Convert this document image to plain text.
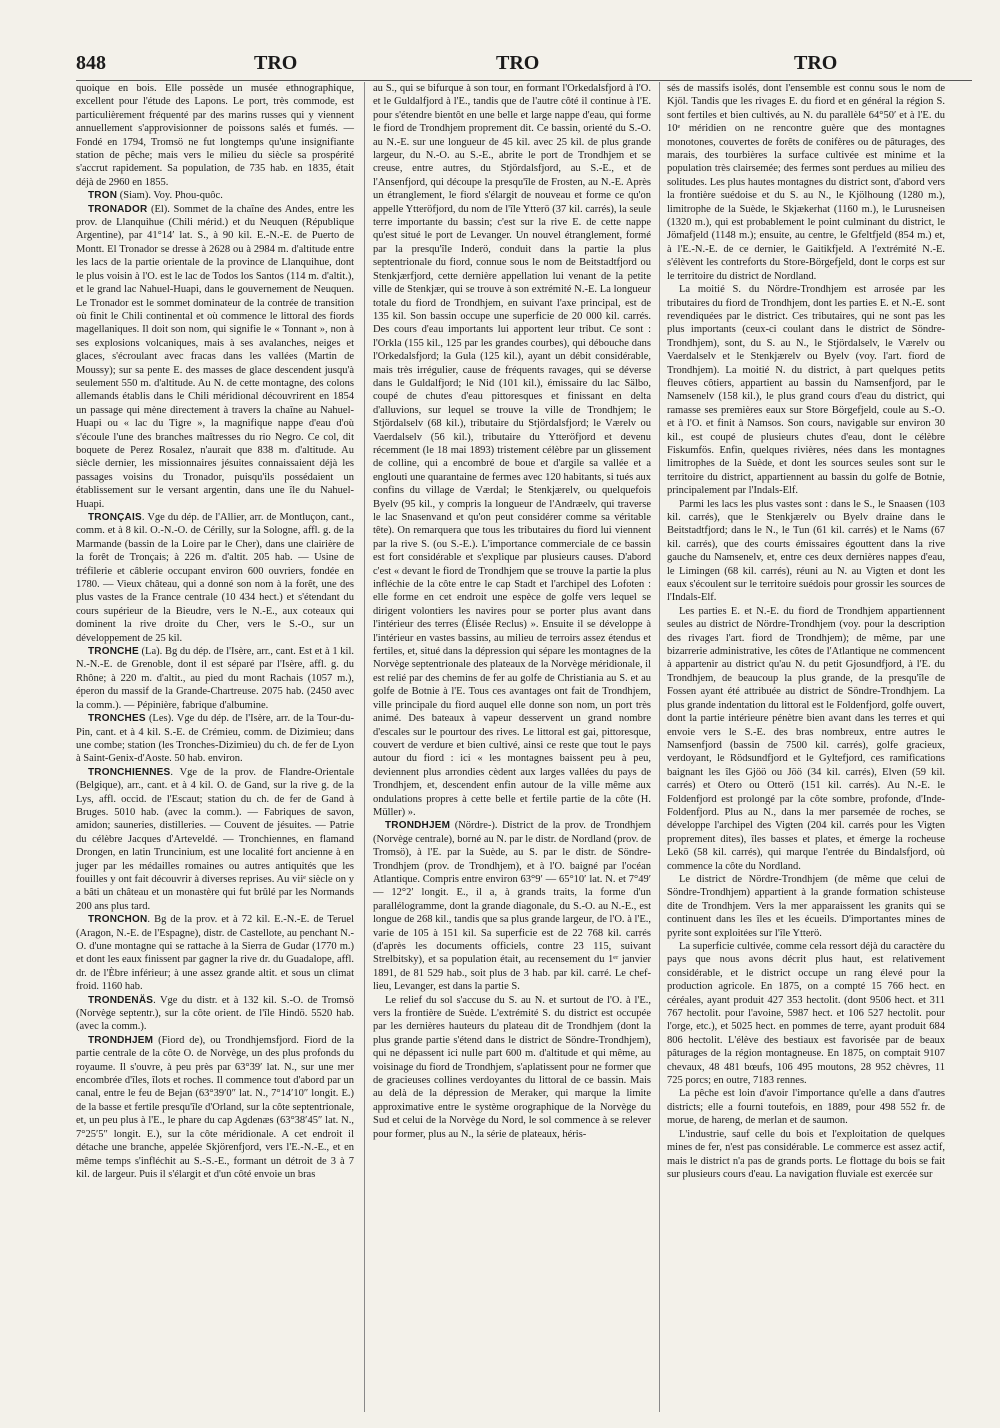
848	TRO	TRO	TRO

quoique en bois. Elle possède un musée ethnographique, excellent pour l'étude des Lapons. Le port, très commode, est particulièrement fréquenté par des marins russes qui y viennent annuellement s'approvisionner de poissons salés et fumés. — Fondé en 1794, Tromsö ne fut longtemps qu'une insignifiante station de pêche; mais vers le milieu du siècle sa prospérité s'accrut rapidement. Sa population, de 735 hab. en 1835, était déjà de 2960 en 1855.

TRON (Siam). Voy. Phou-quôc.

TRONADOR (El). Sommet de la chaîne des Andes, entre les prov. de Llanquihue (Chili mérid.) et du Neuquen (République Argentine), par 41°14′ lat. S., à 90 kil. E.-N.-E. de Puerto de Montt. El Tronador se dresse à 2628 ou à 2984 m. d'altitude entre les lacs de la partie orientale de la province de Llanquihue, dont le plus voisin à l'O. est le lac de Todos los Santos (114 m. d'altit.), et le grand lac Nahuel-Huapi, dans le gouvernement de Neuquen. Le Tronador est le sommet dominateur de la contrée de transition où finit le Chili continental et où commence le littoral des fiords magellaniques. Il doit son nom, qui signifie le « Tonnant », non à ses explosions volcaniques, mais à ses avalanches, neiges et glaces, s'écroulant avec fracas dans les vallées (Martin de Moussy); sur sa pente E. des masses de glace descendent jusqu'à seulement 550 m. d'altitude. Au N. de cette montagne, des colons allemands établis dans le Chili méridional découvrirent en 1854 un passage qui mène directement à travers la chaîne au Nahuel-Huapi ou « lac du Tigre », la magnifique nappe d'eau d'où s'écoule l'une des branches maîtresses du rio Negro. Ce col, dit boquete de Perez Rosalez, n'aurait que 838 m. d'altitude. Au siècle dernier, les missionnaires jésuites connaissaient déjà les passages voisins du Tronador, puisqu'ils possédaient un établissement sur le versant argentin, dans une île du Nahuel-Huapi.

TRONÇAIS. Vge du dép. de l'Allier, arr. de Montluçon, cant., comm. et à 8 kil. O.-N.-O. de Cérilly, sur la Sologne, affl. g. de la Marmande (bassin de la Loire par le Cher), dans une clairière de la forêt de Tronçais; à 226 m. d'altit. 205 hab. — Usine de tréfilerie et câblerie occupant environ 600 ouvriers, fondée en 1780. — Vieux château, qui a donné son nom à la forêt, une des plus vastes de la France centrale (10 434 hect.) et s'étendant du cours supérieur de la Bieudre, vers le N.-E., aux coteaux qui dominent la rive droite du Cher, vers le S.-O., sur un développement de 25 kil.

TRONCHE (La). Bg du dép. de l'Isère, arr., cant. Est et à 1 kil. N.-N.-E. de Grenoble, dont il est séparé par l'Isère, affl. g. du Rhône; à 220 m. d'altit., au pied du mont Rachais (1057 m.), éperon du massif de la Grande-Chartreuse. 2075 hab. (2450 avec la comm.). — Pépinière, fabrique d'albumine.

TRONCHES (Les). Vge du dép. de l'Isère, arr. de la Tour-du-Pin, cant. et à 4 kil. S.-E. de Crémieu, comm. de Dizimieu; dans une combe; station (les Tronches-Dizimieu) du ch. de fer de Lyon à Saint-Genix-d'Aoste. 50 hab. environ.

TRONCHIENNES. Vge de la prov. de Flandre-Orientale (Belgique), arr., cant. et à 4 kil. O. de Gand, sur la rive g. de la Lys, affl. occid. de l'Escaut; station du ch. de fer de Gand à Bruges. 5010 hab. (avec la comm.). — Fabriques de savon, amidon; sauneries, distilleries. — Couvent de jésuites. — Patrie du célèbre Jacques d'Arteveldé. — Tronchiennes, en flamand Drongen, en latin Truncinium, est une localité fort ancienne à en juger par les médailles romaines ou autres antiquités que les fouilles y ont fait découvrir à diverses reprises. Au viiᵉ siècle on y a bâti un château et un monastère qui fut brûlé par les Normands 200 ans plus tard.

TRONCHON. Bg de la prov. et à 72 kil. E.-N.-E. de Teruel (Aragon, N.-E. de l'Espagne), distr. de Castellote, au penchant N.-O. d'une montagne qui se rattache à la Sierra de Gudar (1770 m.) et dont les eaux finissent par gagner la rive dr. du Guadalope, affl. dr. de l'Èbre inférieur; à une assez grande altit. et sous un climat froid. 1160 hab.

TRONDENÄS. Vge du distr. et à 132 kil. S.-O. de Tromsö (Norvège septentr.), sur la côte orient. de l'île Hindö. 5520 hab. (avec la comm.).

TRONDHJEM (Fiord de), ou Trondhjemsfjord. Fiord de la partie centrale de la côte O. de Norvège, un des plus profonds du royaume. Il s'ouvre, à peu près par 63°39′ lat. N., sur une mer encombrée d'îles, îlots et roches. Il commence tout d'abord par un canal, entre le feu de Bejan (63°39′0″ lat. N., 7°14′10″ longit. E.) de la basse et fertile presqu'île d'Orland, sur la côte septentrionale, et, un peu plus à l'E., le phare du cap Agdenæs (63°38′45″ lat. N., 7°25′5″ longit. E.), sur la côte méridionale. A cet endroit il détache une branche, appelée Skjörenfjord, vers l'E.-N.-E., et en même temps s'infléchit au S.-S.-E., formant un détroit de 3 à 7 kil. de largeur. Puis il s'élargit et d'un côté envoie un bras

au S., qui se bifurque à son tour, en formant l'Orkedalsfjord à l'O. et le Guldalfjord à l'E., tandis que de l'autre côté il continue à l'E. pour s'étendre bientôt en une belle et large nappe d'eau, qui forme le fiord de Trondhjem proprement dit. Ce bassin, orienté du S.-O. au N.-E. sur une longueur de 45 kil. avec 25 kil. de plus grande largeur, du N.-O. au S.-E., abrite le port de Trondhjem et se creuse, entre autres, du Stjördalsfjord, au S.-E., et de l'Ansenfjord, qui découpe la presqu'île de Frosten, au N.-E. Après un étranglement, le fiord s'élargit de nouveau et forme ce qu'on appelle Ytteröfjord, du nom de l'île Ytterö (37 kil. carrés), la seule terre importante du bassin; c'est sur la rive E. de cette nappe qu'est situé le port de Levanger. Un nouvel étranglement, formé par la presqu'île Inderö, conduit dans la partie la plus septentrionale du fiord, connue sous le nom de Beitstadtfjord ou Stenkjærfjord, cette dernière appellation lui venant de la petite ville de Stenkjær, qui se trouve à son extrémité N.-E. La longueur totale du fiord de Trondhjem, en suivant l'axe principal, est de 135 kil. Son bassin occupe une superficie de 20 000 kil. carrés. Des cours d'eau importants lui apportent leur tribut. Ce sont : l'Orkla (155 kil., 125 par les grandes courbes), qui débouche dans l'Orkedalsfjord; la Gula (125 kil.), ayant un débit considérable, mais très irrégulier, cause de fréquents ravages, qui se déverse dans le Guldalfjord; le Nid (101 kil.), émissaire du lac Sälbo, coupé de chutes d'eau pittoresques et finissant en delta d'alluvions, sur lequel se trouve la ville de Trondhjem; le Stjördalselv (68 kil.), tributaire du Stjördalsfjord; le Værelv ou Vaerdalselv (56 kil.), tributaire du Ytteröfjord et devenu récemment (le 18 mai 1893) tristement célèbre par un glissement de colline, qui a encombré de boue et d'argile sa vallée et a englouti une quarantaine de fermes avec 120 habitants, si tués aux confins du village de Værdal; le Stenkjærelv, ou quelquefois Byelv (95 kil., y compris la longueur de l'Andræelv, qui traverse le lac Snasenvand et qu'on peut considérer comme sa véritable tête). On remarquera que tous les tributaires du fiord lui viennent par la rive S. (ou S.-E.). L'importance commerciale de ce bassin est fort considérable et s'explique par plusieurs causes. D'abord c'est « devant le fiord de Trondhjem que se trouve la partie la plus infléchie de la côte entre le cap Stadt et l'archipel des Lofoten : elle forme en cet endroit une espèce de golfe vers lequel se dirigent volontiers les navires pour se porter plus avant dans l'intérieur des terres (Élisée Reclus) ». Ensuite il se développe à l'intérieur en vastes bassins, au milieu de terroirs assez étendus et fertiles, et, situé dans la dépression qui sépare les montagnes de la Norvège septentrionale des plateaux de la Norvège méridionale, il est relié par des chemins de fer au golfe de Christiania au S. et au golfe de Botnie à l'E. Tous ces avantages ont fait de Trondhjem, ville principale du fiord auquel elle donne son nom, un port très animé. Des bateaux à vapeur desservent un grand nombre d'escales sur le pourtour des rives. Le littoral est gai, pittoresque, couvert de verdure et bien cultivé, ainsi ce reste que tout le pays autour du fiord : ici « les montagnes baissent peu à peu, deviennent plus arrondies cèdent aux larges vallées du pays de Trondhjem, et, descendent enfin autour de la ville même aux ondulations propres à cette belle et fertile partie de la côte (H. Müller) ».

TRONDHJEM (Nördre-). District de la prov. de Trondhjem (Norvège centrale), borné au N. par le distr. de Nordland (prov. de Tromsö), à l'E. par la Suède, au S. par le distr. de Söndre-Trondhjem (prov. de Trondhjem), et à l'O. baigné par l'océan Atlantique. Compris entre environ 63°9′ — 65°10′ lat. N. et 7°49′ — 12°2′ longit. E., il a, à grands traits, la forme d'un parallélogramme, dont la grande diagonale, du S.-O. au N.-E., est longue de 268 kil., tandis que sa plus grande largeur, de l'O. à l'E., varie de 105 à 151 kil. Sa superficie est de 22 768 kil. carrés (d'après les documents officiels, contre 23 115, suivant Strelbitsky), et sa population était, au recensement du 1ᵉʳ janvier 1891, de 81 529 hab., soit plus de 3 hab. par kil. carré. Le chef-lieu, Levanger, est dans la partie S.

Le relief du sol s'accuse du S. au N. et surtout de l'O. à l'E., vers la frontière de Suède. L'extrémité S. du district est occupée par les dernières hauteurs du plateau dit de Trondhjem (dont la plus grande partie s'étend dans le district de Söndre-Trondhjem), qui ne dépassent ici nulle part 600 m. d'altitude et qui même, au voisinage du fiord de Trondhjem, s'aplatissent pour ne former que de gracieuses collines verdoyantes du littoral de ce bassin. Mais au delà de la dépression de Meraker, qui marque la limite approximative entre le système orographique de la Norvège du Sud et celui de la Norvège du Nord, le sol commence à se relever pour former, plus au N., la série de plateaux, héris-

sés de massifs isolés, dont l'ensemble est connu sous le nom de Kjöl. Tandis que les rivages E. du fiord et en général la région S. sont fertiles et bien cultivés, au N. du parallèle 64°50′ et à l'E. du 10ᵉ méridien on ne rencontre guère que des montagnes monotones, couvertes de forêts de conifères ou de pâturages, des marais, des tourbières la surface cultivée est minime et la population très clairsemée; des fermes sont perdues au milieu des solitudes. Les plus hautes montagnes du district sont, d'abord vers la frontière suédoise et du S. au N., le Kjölhoung (1280 m.), limitrophe de la Suède, le Skjækerhat (1160 m.), le Lurusneisen (1320 m.), qui est probablement le point culminant du district, le Jömafjeld (1148 m.); ensuite, au centre, le Gfeltfjeld (854 m.) et, à l'E.-N.-E. de ce dernier, le Gaitikfjeld. A l'extrémité N.-E. s'élèvent les contreforts du Store-Börgefjeld, dont le corps est sur le territoire du district de Nordland.

La moitié S. du Nördre-Trondhjem est arrosée par les tributaires du fiord de Trondhjem, dont les parties E. et N.-E. sont revendiquées par le district. Ces tributaires, qui ne sont pas les plus importants (ceux-ci coulant dans le district de Söndre-Trondhjem), sont, du S. au N., le Stjördalselv, le Værelv ou Vaerdalselv et le Stenkjærelv ou Byelv (voy. l'art. fiord de Trondhjem). La moitié N. du district, à part quelques petits fleuves côtiers, appartient au bassin du Namsenfjord, par le Namsenelv (158 kil.), le plus grand cours d'eau du district, qui ramasse ses premières eaux sur Store Börgefjeld, coule au S.-O. et à l'O. et finit à Namsos. Son cours, navigable sur environ 30 kil., est coupé de plusieurs chutes d'eau, dont le célèbre Fiskumfös. Enfin, quelques rivières, nées dans les montagnes limitrophes de la Suède, et dont les sources seules sont sur le territoire du district, appartiennent au bassin du golfe de Botnie, principalement par l'Indals-Elf.

Parmi les lacs les plus vastes sont : dans le S., le Snaasen (103 kil. carrés), que le Stenkjærelv ou Byelv draine dans le Beitstadtfjord; dans le N., le Tun (61 kil. carrés) et le Nams (67 kil. carrés), que des courts émissaires égouttent dans la rive gauche du Namsenelv, et, entre ces deux dernières nappes d'eau, le Limingen (68 kil. carrés), réuni au N. au Vigten et dont les eaux s'écoulent sur le territoire suédois pour grossir les sources de l'Indals-Elf.

Les parties E. et N.-E. du fiord de Trondhjem appartiennent seules au district de Nördre-Trondhjem (voy. pour la description des rivages l'art. fiord de Trondhjem); de même, par une bizarrerie administrative, les côtes de l'Atlantique ne commencent à appartenir au district qu'au N. du petit Gjosundfjord, à l'E. du Trondhjem, de beaucoup la plus grande, de la presqu'île de Fossen ayant été attribuée au district de Söndre-Trondhjem. La plus grande indentation du littoral est le Foldenfjord, golfe ouvert, dont la partie intérieure pénètre bien avant dans les terres et qui envoie vers le S.-E. des bras nombreux, entre autres le Namsenfjord (bassin de 7500 kil. carrés), golfe gracieux, verdoyant, le Rödsundfjord et le Gyltefjord, ces ramifications baignant les îles Gjöö ou Jöö (34 kil. carrés), Elven (59 kil. carrés) et Otero ou Otterö (151 kil. carrés). Au N.-E. le Foldenfjord est prolongé par la côte sombre, profonde, d'Inde-Foldenfjord. Plus au N., dans la mer parsemée de roches, se développe l'archipel des Vigten (204 kil. carrés pour les Vigten proprement dites), îles basses et plates, et émerge la rocheuse Lekö (58 kil. carrés), qui marque l'entrée du Bindalsfjord, où commence la côte du Nordland.

Le district de Nördre-Trondhjem (de même que celui de Söndre-Trondhjem) appartient à la grande formation schisteuse dite de Trondhjem. Vers la mer apparaissent les granits qui se continuent dans les îles et les écueils. D'importantes mines de pyrite sont exploitées sur l'île Ytterö.

La superficie cultivée, comme cela ressort déjà du caractère du pays que nous avons décrit plus haut, est relativement considérable, et le district occupe un rang élevé pour la production agricole. En 1875, on a compté 15 766 hect. en céréales, ayant produit 427 353 hectolit. (dont 9506 hect. et 311 767 hectolit. pour l'avoine, 5987 hect. et 106 527 hectolit. pour l'orge, etc.), et 5025 hect. en pommes de terre, ayant produit 684 806 hectolit. L'élève des bestiaux est favorisée par de beaux pâturages de la région montagneuse. En 1875, on comptait 9107 chevaux, 48 481 bœufs, 106 495 moutons, 28 952 chèvres, 11 725 porcs; en outre, 7183 rennes.

La pêche est loin d'avoir l'importance qu'elle a dans d'autres districts; elle a fourni toutefois, en 1889, pour 498 552 fr. de morue, de hareng, de merlan et de saumon.

L'industrie, sauf celle du bois et l'exploitation de quelques mines de fer, n'est pas considérable. Le commerce est assez actif, mais le district n'a pas de grands ports. Le flottage du bois se fait sur plusieurs cours d'eau. La navigation fluviale est exercée sur
